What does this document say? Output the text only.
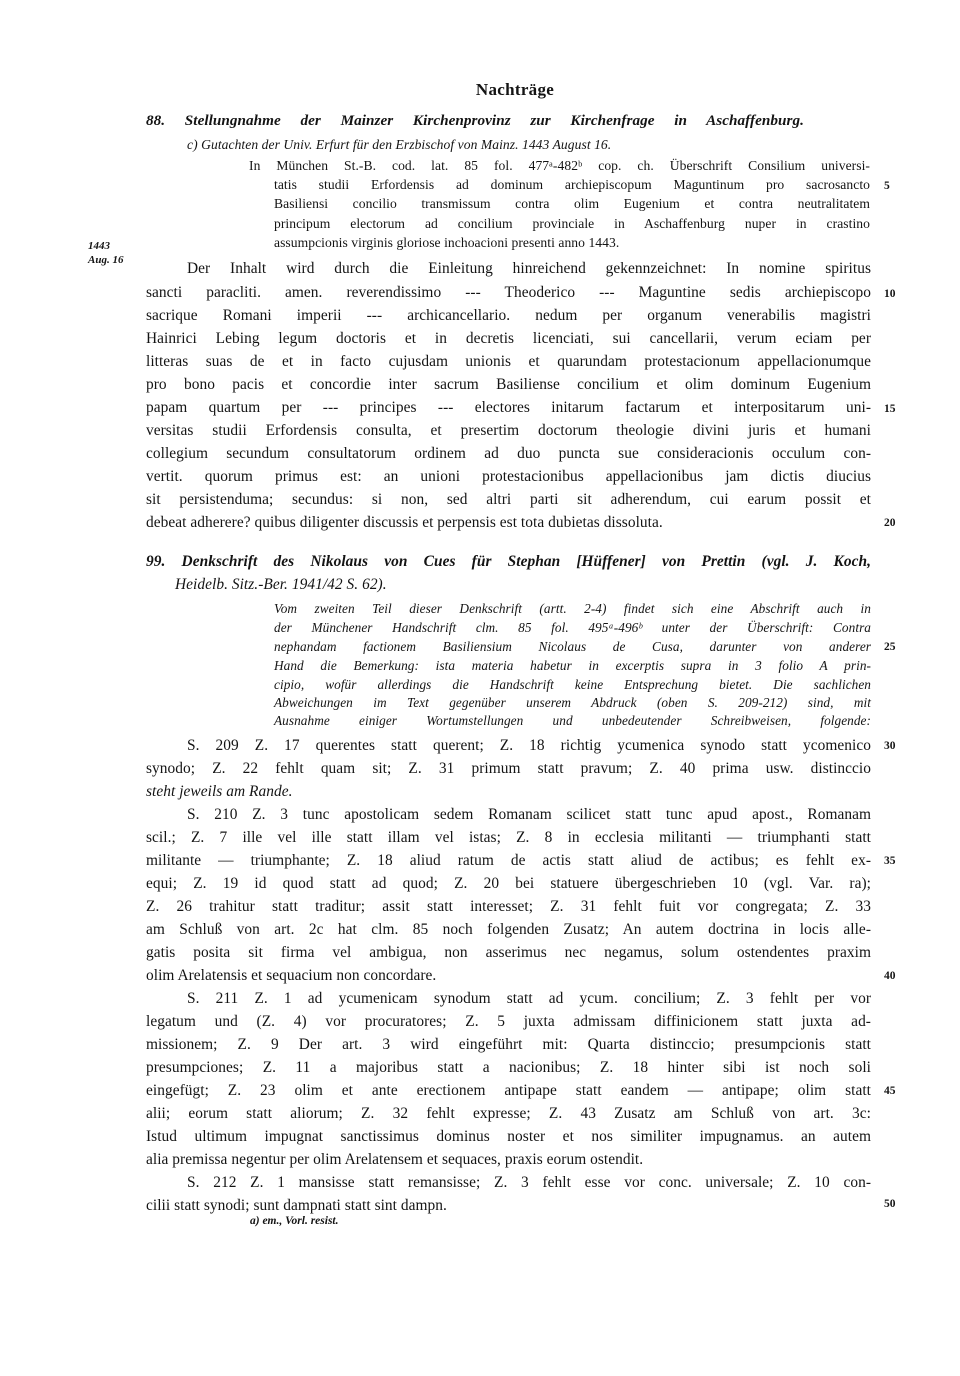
Nachträge
1443
Aug. 16
88. Stellungnahme der Mainzer Kirchenprovinz zur Kirchenfrage in Aschaffenburg.
c) Gutachten der Univ. Erfurt für den Erzbischof von Mainz. 1443 August 16.
In München St.-B. cod. lat. 85 fol. 477ᵃ-482ᵇ cop. ch. Überschrift Consilium universi-
tatis studii Erfordensis ad dominum archiepiscopum Maguntinum pro sacrosancto
Basiliensi concilio transmissum contra olim Eugenium et contra neutralitatem
principum electorum ad concilium provinciale in Aschaffenburg nuper in crastino
assumpcionis virginis gloriose inchoacioni presenti anno 1443.
Der Inhalt wird durch die Einleitung hinreichend gekennzeichnet: In nomine spiritus
sancti paracliti. amen. reverendissimo --- Theoderico --- Maguntine sedis archiepiscopo
sacrique Romani imperii --- archicancellario. nedum per organum venerabilis magistri
Hainrici Lebing legum doctoris et in decretis licenciati, sui cancellarii, verum eciam per
litteras suas de et in facto cujusdam unionis et quarundam protestacionum appellacionumque
pro bono pacis et concordie inter sacrum Basiliense concilium et olim dominum Eugenium
papam quartum per --- principes --- electores initarum factarum et interpositarum uni-
versitas studii Erfordensis consulta, et presertim doctorum theologie divini juris et humani
collegium secundum consultatorum ordinem ad duo puncta sue consideracionis occulum con-
vertit. quorum primus est: an unioni protestacionibus appellacionibus jam dictis diucius
sit persistenduma; secundus: si non, sed altri parti sit adherendum, cui earum possit et
debeat adherere? quibus diligenter discussis et perpensis est tota dubietas dissoluta.
99. Denkschrift des Nikolaus von Cues für Stephan [Hüffener] von Prettin (vgl. J. Koch,
Heidelb. Sitz.-Ber. 1941/42 S. 62).
Vom zweiten Teil dieser Denkschrift (artt. 2-4) findet sich eine Abschrift auch in
der Münchener Handschrift clm. 85 fol. 495ᵃ-496ᵇ unter der Überschrift: Contra
nephandam factionem Basiliensium Nicolaus de Cusa, darunter von anderer
Hand die Bemerkung: ista materia habetur in excerptis supra in 3 folio A prin-
cipio, wofür allerdings die Handschrift keine Entsprechung bietet. Die sachlichen
Abweichungen im Text gegenüber unserem Abdruck (oben S. 209-212) sind, mit
Ausnahme einiger Wortumstellungen und unbedeutender Schreibweisen, folgende:
S. 209 Z. 17 querentes statt querent; Z. 18 richtig ycumenica synodo statt ycomenico
synodo; Z. 22 fehlt quam sit; Z. 31 primum statt pravum; Z. 40 prima usw. distinccio
steht jeweils am Rande.
S. 210 Z. 3 tunc apostolicam sedem Romanam scilicet statt tunc apud apost., Romanam
scil.; Z. 7 ille vel ille statt illam vel istas; Z. 8 in ecclesia militanti — triumphanti statt
militante — triumphante; Z. 18 aliud ratum de actis statt aliud de actibus; es fehlt ex-
equi; Z. 19 id quod statt ad quod; Z. 20 bei statuere übergeschrieben 10 (vgl. Var. ra);
Z. 26 trahitur statt traditur; assit statt interesset; Z. 31 fehlt fuit vor congregata; Z. 33
am Schluß von art. 2c hat clm. 85 noch folgenden Zusatz; An autem doctrina in locis alle-
gatis posita sit firma vel ambigua, non asserimus nec negamus, solum ostendentes praxim
olim Arelatensis et sequacium non concordare.
S. 211 Z. 1 ad ycumenicam synodum statt ad ycum. concilium; Z. 3 fehlt per vor
legatum und (Z. 4) vor procuratores; Z. 5 juxta admissam diffinicionem statt juxta ad-
missionem; Z. 9 Der art. 3 wird eingeführt mit: Quarta distinccio; presumpcionis statt
presumpciones; Z. 11 a majoribus statt a nacionibus; Z. 18 hinter sibi ist noch soli
eingefügt; Z. 23 olim et ante erectionem antipape statt eandem — antipape; olim statt
alii; eorum statt aliorum; Z. 32 fehlt expresse; Z. 43 Zusatz am Schluß von art. 3c:
Istud ultimum impugnat sanctissimus dominus noster et nos similiter impugnamus. an autem
alia premissa negentur per olim Arelatensem et sequaces, praxis eorum ostendit.
S. 212 Z. 1 mansisse statt remansisse; Z. 3 fehlt esse vor conc. universale; Z. 10 con-
cilii statt synodi; sunt dampnati statt sint dampn.
a) em., Vorl. resist.
5
10
15
20
25
30
35
40
45
50
